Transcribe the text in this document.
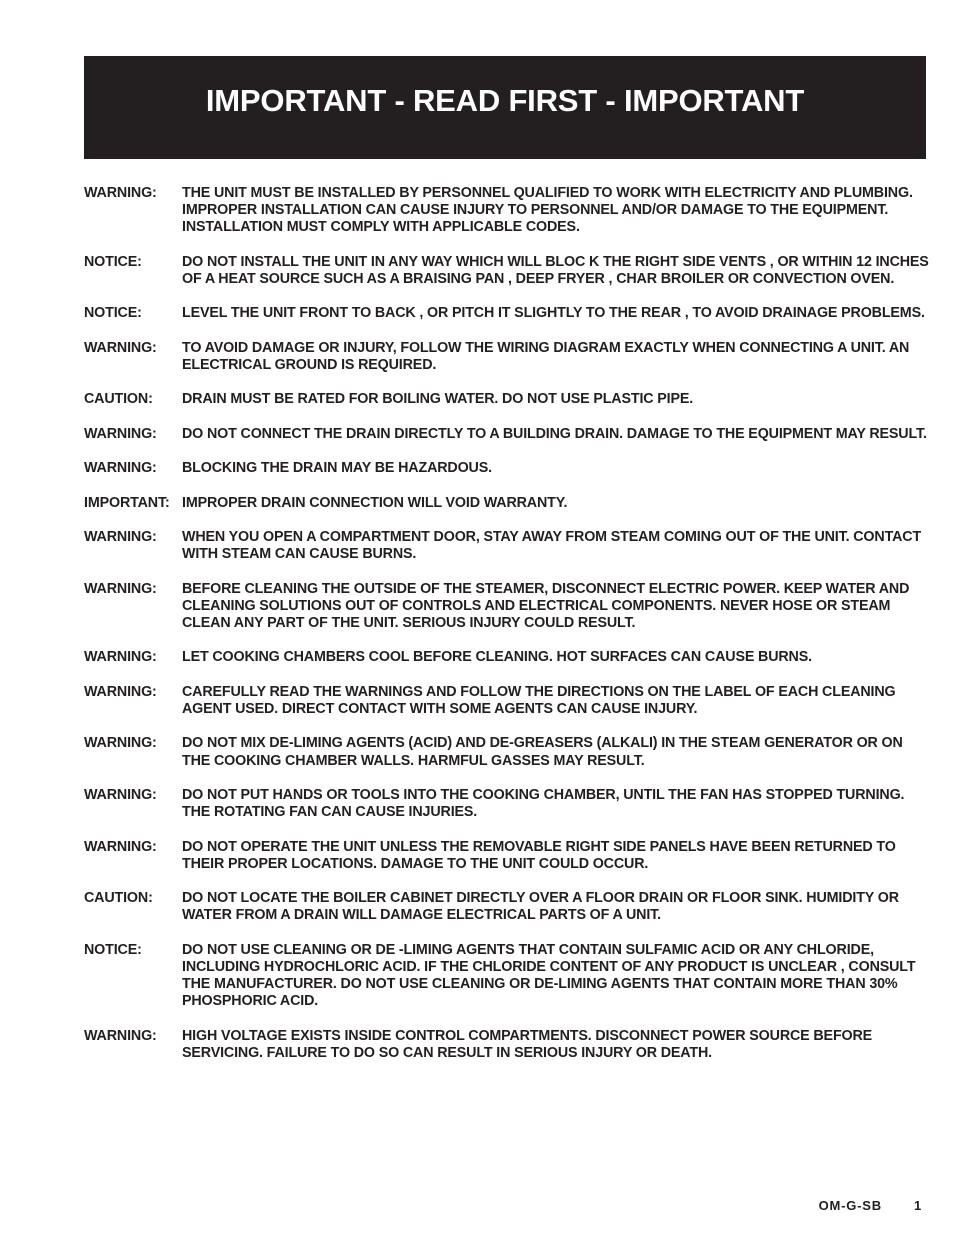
IMPORTANT - READ FIRST - IMPORTANT
WARNING:	THE UNIT MUST BE INSTALLED BY PERSONNEL QUALIFIED TO WORK WITH ELECTRICITY AND PLUMBING. IMPROPER INSTALLATION CAN CAUSE INJURY TO PERSONNEL AND/OR DAMAGE TO THE EQUIPMENT. INSTALLATION MUST COMPLY WITH APPLICABLE CODES.
NOTICE:	DO NOT INSTALL THE UNIT IN ANY WAY WHICH WILL BLOC K THE RIGHT SIDE VENTS , OR WITHIN 12 INCHES OF A HEAT SOURCE SUCH AS A BRAISING PAN , DEEP FRYER , CHAR BROILER OR CONVECTION OVEN.
NOTICE:	LEVEL THE UNIT FRONT TO BACK , OR PITCH IT SLIGHTLY TO THE REAR , TO AVOID DRAINAGE PROBLEMS.
WARNING:	TO AVOID DAMAGE OR INJURY, FOLLOW THE WIRING DIAGRAM EXACTLY WHEN CONNECTING A UNIT. AN ELECTRICAL GROUND IS REQUIRED.
CAUTION:	DRAIN MUST BE RATED FOR BOILING WATER. DO NOT USE PLASTIC PIPE.
WARNING:	DO NOT CONNECT THE DRAIN DIRECTLY TO A BUILDING DRAIN. DAMAGE TO THE EQUIPMENT MAY RESULT.
WARNING:	BLOCKING THE DRAIN MAY BE HAZARDOUS.
IMPORTANT: IMPROPER DRAIN CONNECTION WILL VOID WARRANTY.
WARNING:	WHEN YOU OPEN A COMPARTMENT DOOR, STAY AWAY FROM STEAM COMING OUT OF THE UNIT. CONTACT WITH STEAM CAN CAUSE BURNS.
WARNING:	BEFORE CLEANING THE OUTSIDE OF THE STEAMER, DISCONNECT ELECTRIC POWER. KEEP WATER AND CLEANING SOLUTIONS OUT OF CONTROLS AND ELECTRICAL COMPONENTS. NEVER HOSE OR STEAM CLEAN ANY PART OF THE UNIT. SERIOUS INJURY COULD RESULT.
WARNING:	LET COOKING CHAMBERS COOL BEFORE CLEANING. HOT SURFACES CAN CAUSE BURNS.
WARNING:	CAREFULLY READ THE WARNINGS AND FOLLOW THE DIRECTIONS ON THE LABEL OF EACH CLEANING AGENT USED. DIRECT CONTACT WITH SOME AGENTS CAN CAUSE INJURY.
WARNING:	DO NOT MIX DE-LIMING AGENTS (ACID) AND DE-GREASERS (ALKALI) IN THE STEAM GENERATOR OR ON THE COOKING CHAMBER WALLS. HARMFUL GASSES MAY RESULT.
WARNING:	DO NOT PUT HANDS OR TOOLS INTO THE COOKING CHAMBER, UNTIL THE FAN HAS STOPPED TURNING. THE ROTATING FAN CAN CAUSE INJURIES.
WARNING:	DO NOT OPERATE THE UNIT UNLESS THE REMOVABLE RIGHT SIDE PANELS HAVE BEEN RETURNED TO THEIR PROPER LOCATIONS. DAMAGE TO THE UNIT COULD OCCUR.
CAUTION:	DO NOT LOCATE THE BOILER CABINET DIRECTLY OVER A FLOOR DRAIN OR FLOOR SINK. HUMIDITY OR WATER FROM A DRAIN WILL DAMAGE ELECTRICAL PARTS OF A UNIT.
NOTICE:	DO NOT USE CLEANING OR DE -LIMING AGENTS THAT CONTAIN SULFAMIC ACID OR ANY CHLORIDE, INCLUDING HYDROCHLORIC ACID. IF THE CHLORIDE CONTENT OF ANY PRODUCT IS UNCLEAR , CONSULT THE MANUFACTURER. DO NOT USE CLEANING OR DE-LIMING AGENTS THAT CONTAIN MORE THAN 30% PHOSPHORIC ACID.
WARNING:	HIGH VOLTAGE EXISTS INSIDE CONTROL COMPARTMENTS. DISCONNECT POWER SOURCE BEFORE SERVICING. FAILURE TO DO SO CAN RESULT IN SERIOUS INJURY OR DEATH.
OM-G-SB 1
